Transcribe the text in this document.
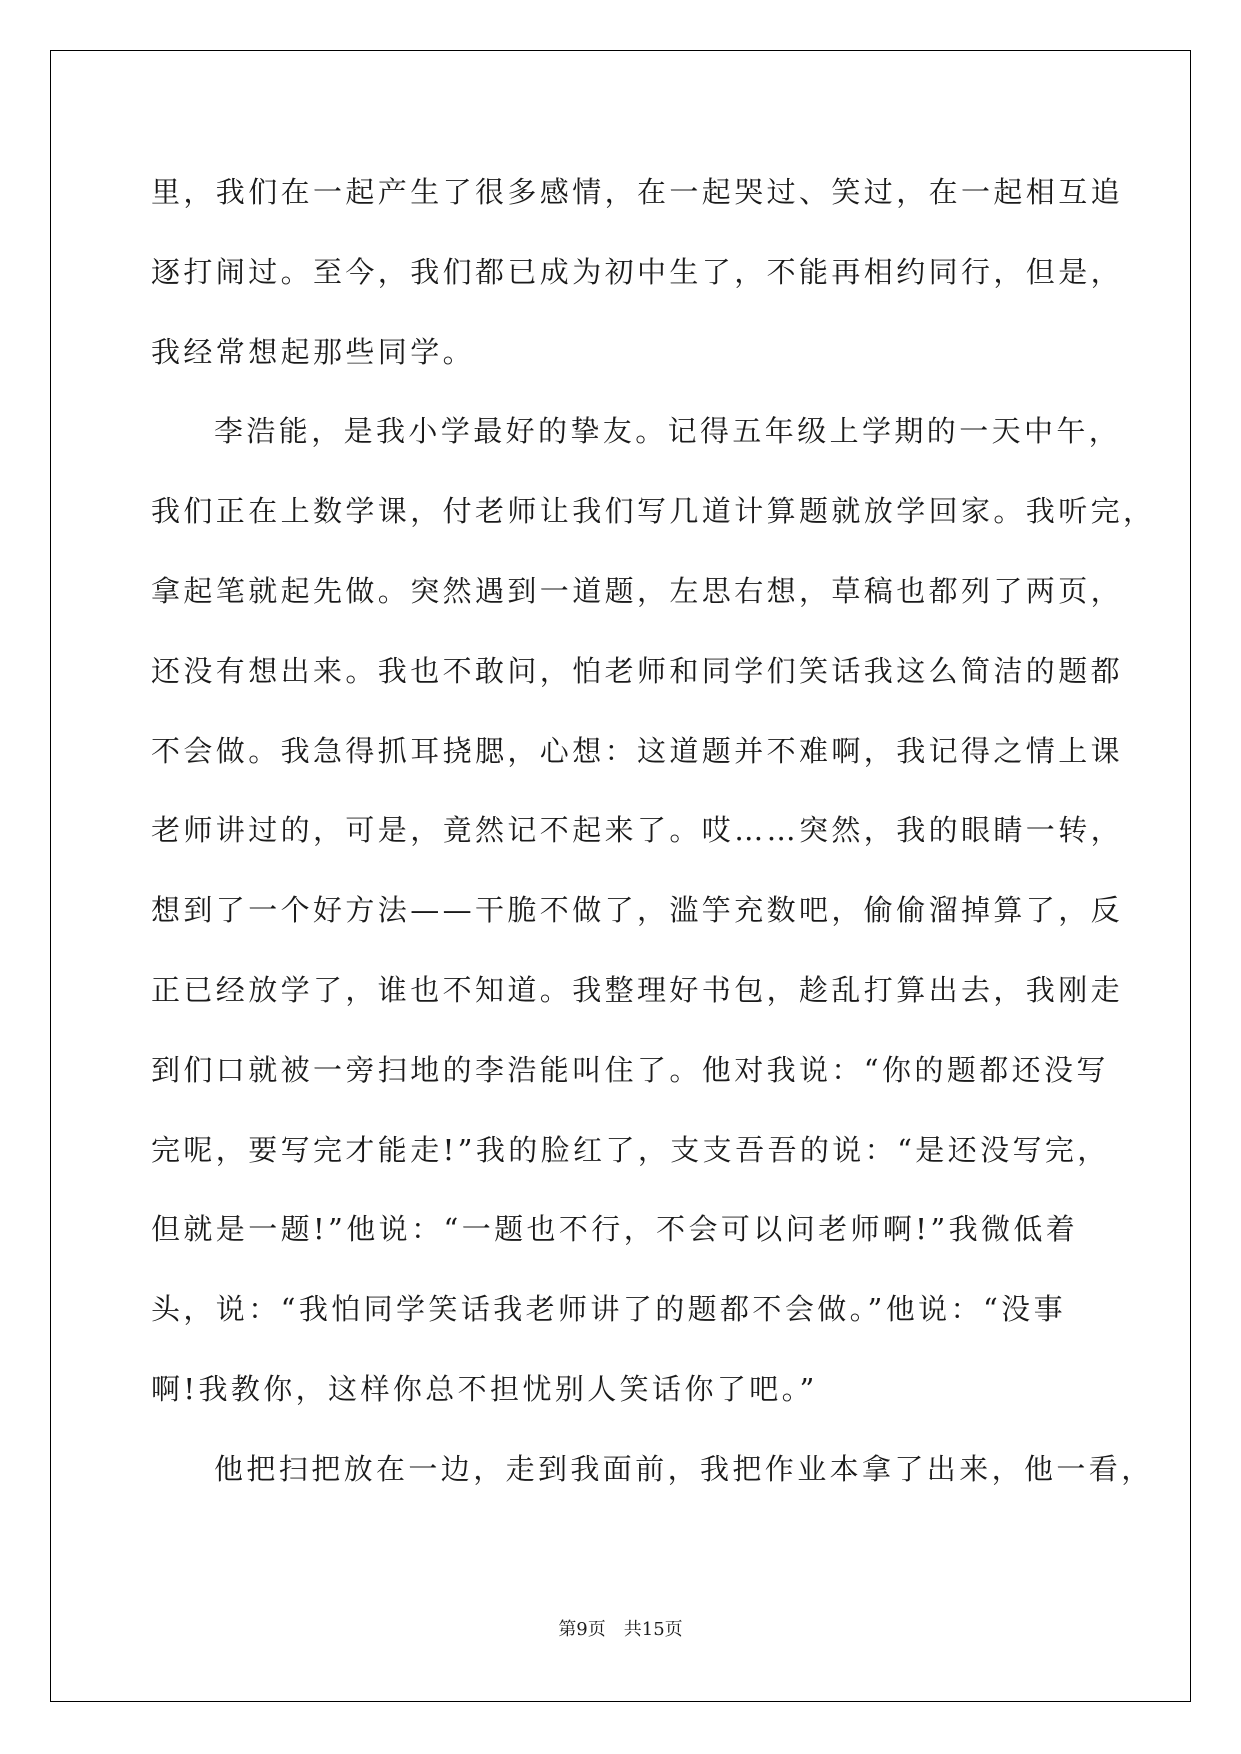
里，我们在一起产生了很多感情，在一起哭过、笑过，在一起相互追
逐打闹过。至今，我们都已成为初中生了，不能再相约同行，但是，
我经常想起那些同学。
李浩能，是我小学最好的挚友。记得五年级上学期的一天中午，
我们正在上数学课，付老师让我们写几道计算题就放学回家。我听完，
拿起笔就起先做。突然遇到一道题，左思右想，草稿也都列了两页，
还没有想出来。我也不敢问，怕老师和同学们笑话我这么简洁的题都
不会做。我急得抓耳挠腮，心想：这道题并不难啊，我记得之情上课
老师讲过的，可是，竟然记不起来了。哎……突然，我的眼睛一转，
想到了一个好方法——干脆不做了，滥竽充数吧，偷偷溜掉算了，反
正已经放学了，谁也不知道。我整理好书包，趁乱打算出去，我刚走
到们口就被一旁扫地的李浩能叫住了。他对我说：“你的题都还没写
完呢，要写完才能走!”我的脸红了，支支吾吾的说：“是还没写完，
但就是一题!”他说：“一题也不行，不会可以问老师啊!”我微低着
头，说：“我怕同学笑话我老师讲了的题都不会做。”他说：“没事
啊!我教你，这样你总不担忧别人笑话你了吧。”
他把扫把放在一边，走到我面前，我把作业本拿了出来，他一看，
第9页 共15页
